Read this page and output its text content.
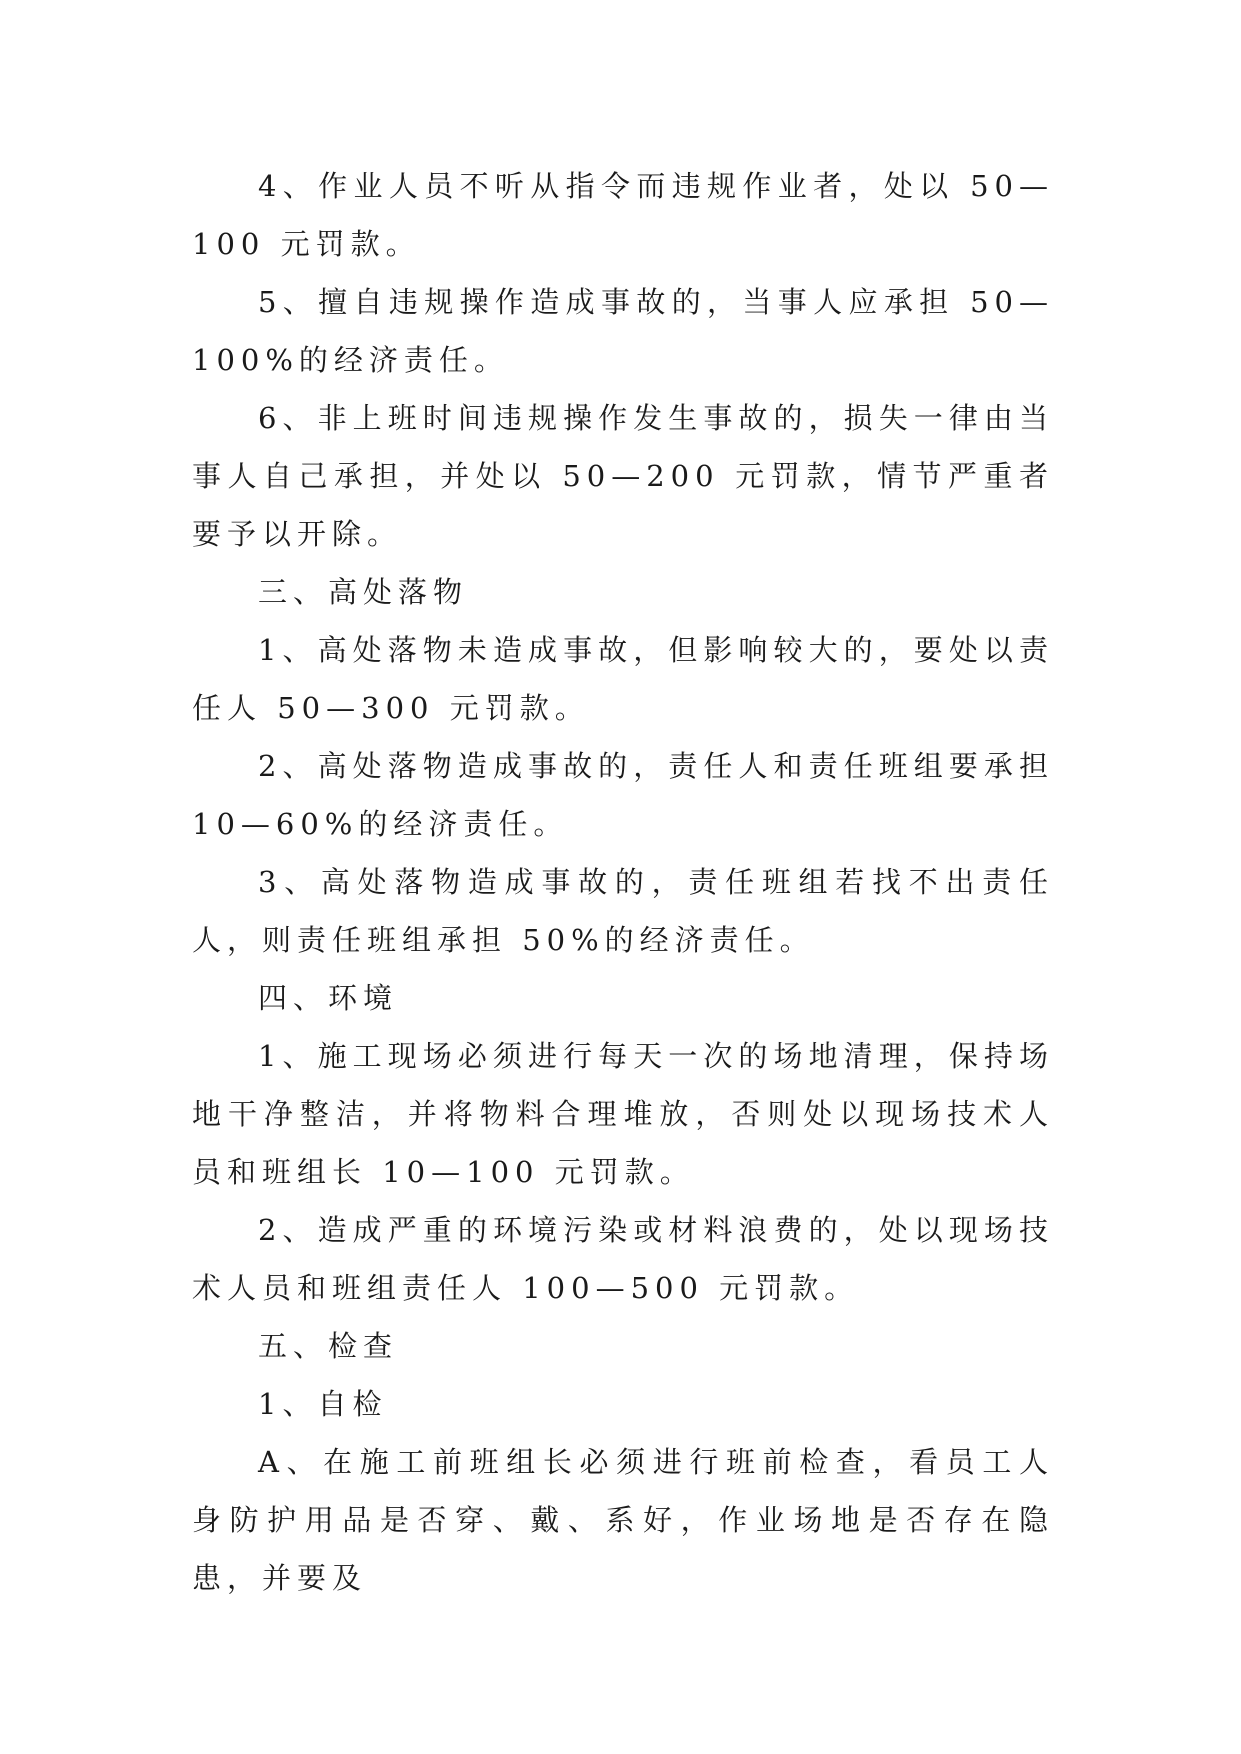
4、作业人员不听从指令而违规作业者，处以 50—100 元罚款。

5、擅自违规操作造成事故的，当事人应承担 50—100%的经济责任。

6、非上班时间违规操作发生事故的，损失一律由当事人自己承担，并处以 50—200 元罚款，情节严重者要予以开除。

三、高处落物

1、高处落物未造成事故，但影响较大的，要处以责任人 50—300 元罚款。

2、高处落物造成事故的，责任人和责任班组要承担10—60%的经济责任。

3、高处落物造成事故的，责任班组若找不出责任人，则责任班组承担 50%的经济责任。

四、环境

1、施工现场必须进行每天一次的场地清理，保持场地干净整洁，并将物料合理堆放，否则处以现场技术人员和班组长 10—100 元罚款。

2、造成严重的环境污染或材料浪费的，处以现场技术人员和班组责任人 100—500 元罚款。

五、检查

1、自检

A、在施工前班组长必须进行班前检查，看员工人身防护用品是否穿、戴、系好，作业场地是否存在隐患，并要及
